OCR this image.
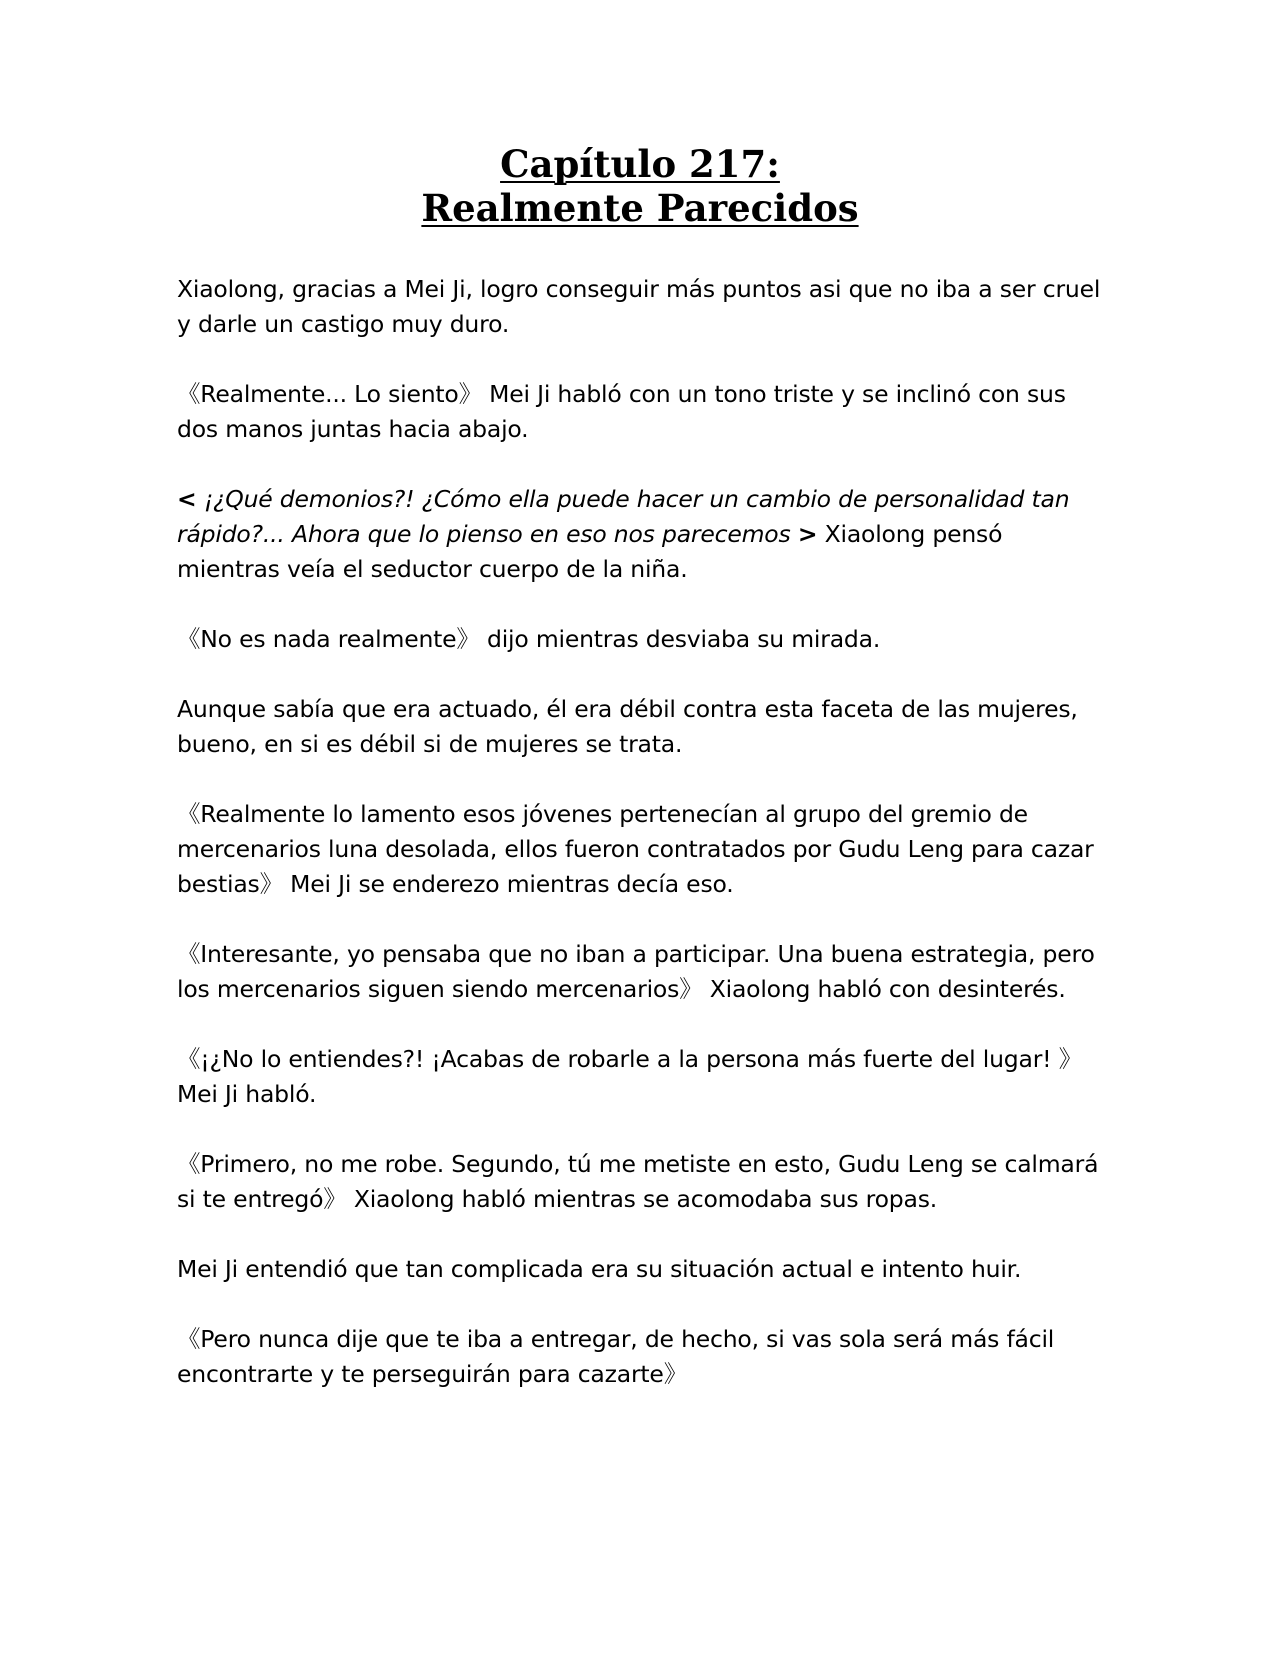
Capítulo 217:
Realmente Parecidos

Xiaolong, gracias a Mei Ji, logro conseguir más puntos asi que no iba a ser cruel y darle un castigo muy duro.

《Realmente... Lo siento》 Mei Ji habló con un tono triste y se inclinó con sus dos manos juntas hacia abajo.

< ¡¿Qué demonios?! ¿Cómo ella puede hacer un cambio de personalidad tan rápido?... Ahora que lo pienso en eso nos parecemos > Xiaolong pensó mientras veía el seductor cuerpo de la niña.

《No es nada realmente》 dijo mientras desviaba su mirada.

Aunque sabía que era actuado, él era débil contra esta faceta de las mujeres, bueno, en si es débil si de mujeres se trata.

《Realmente lo lamento esos jóvenes pertenecían al grupo del gremio de mercenarios luna desolada, ellos fueron contratados por Gudu Leng para cazar bestias》 Mei Ji se enderezo mientras decía eso.

《Interesante, yo pensaba que no iban a participar. Una buena estrategia, pero los mercenarios siguen siendo mercenarios》 Xiaolong habló con desinterés.

《¡¿No lo entiendes?! ¡Acabas de robarle a la persona más fuerte del lugar! 》 Mei Ji habló.

《Primero, no me robe. Segundo, tú me metiste en esto, Gudu Leng se calmará si te entregó》 Xiaolong habló mientras se acomodaba sus ropas.

Mei Ji entendió que tan complicada era su situación actual e intento huir.

《Pero nunca dije que te iba a entregar, de hecho, si vas sola será más fácil encontrarte y te perseguirán para cazarte》
